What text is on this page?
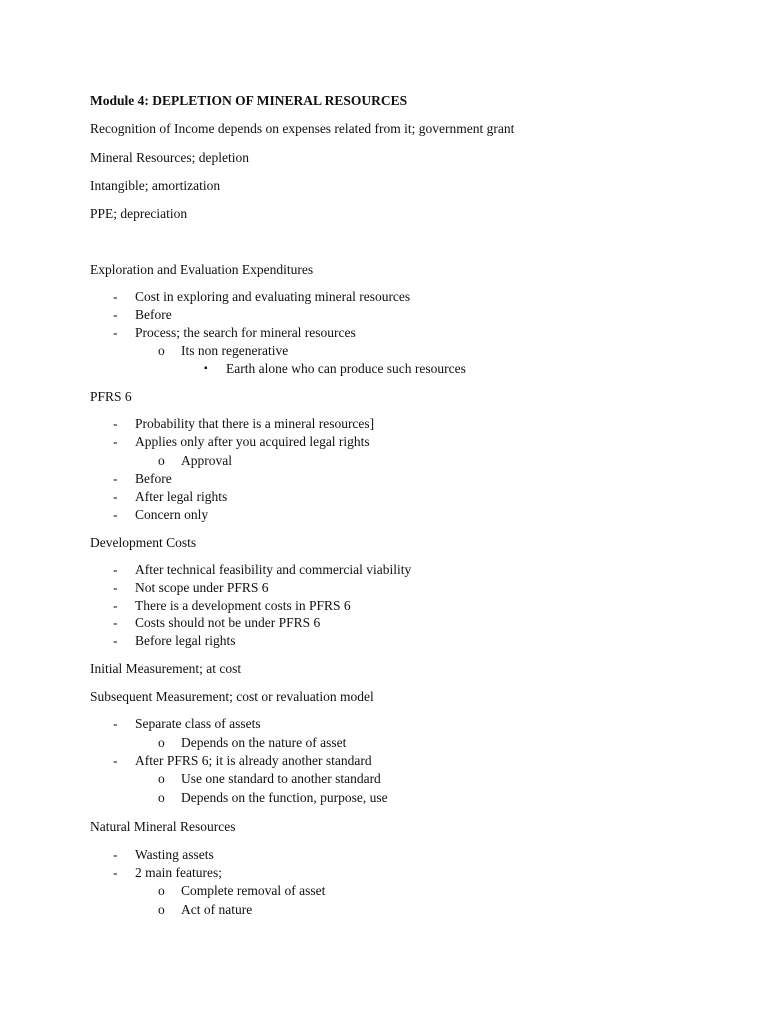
Module 4: DEPLETION OF MINERAL RESOURCES
Recognition of Income depends on expenses related from it; government grant
Mineral Resources; depletion
Intangible; amortization
PPE; depreciation
Exploration and Evaluation Expenditures
- Cost in exploring and evaluating mineral resources
- Before
- Process; the search for mineral resources
o Its non regenerative
▪ Earth alone who can produce such resources
PFRS 6
- Probability that there is a mineral resources]
- Applies only after you acquired legal rights
o Approval
- Before
- After legal rights
- Concern only
Development Costs
- After technical feasibility and commercial viability
- Not scope under PFRS 6
- There is a development costs in PFRS 6
- Costs should not be under PFRS 6
- Before legal rights
Initial Measurement; at cost
Subsequent Measurement; cost or revaluation model
- Separate class of assets
o Depends on the nature of asset
- After PFRS 6; it is already another standard
o Use one standard to another standard
o Depends on the function, purpose, use
Natural Mineral Resources
- Wasting assets
- 2 main features;
o Complete removal of asset
o Act of nature
